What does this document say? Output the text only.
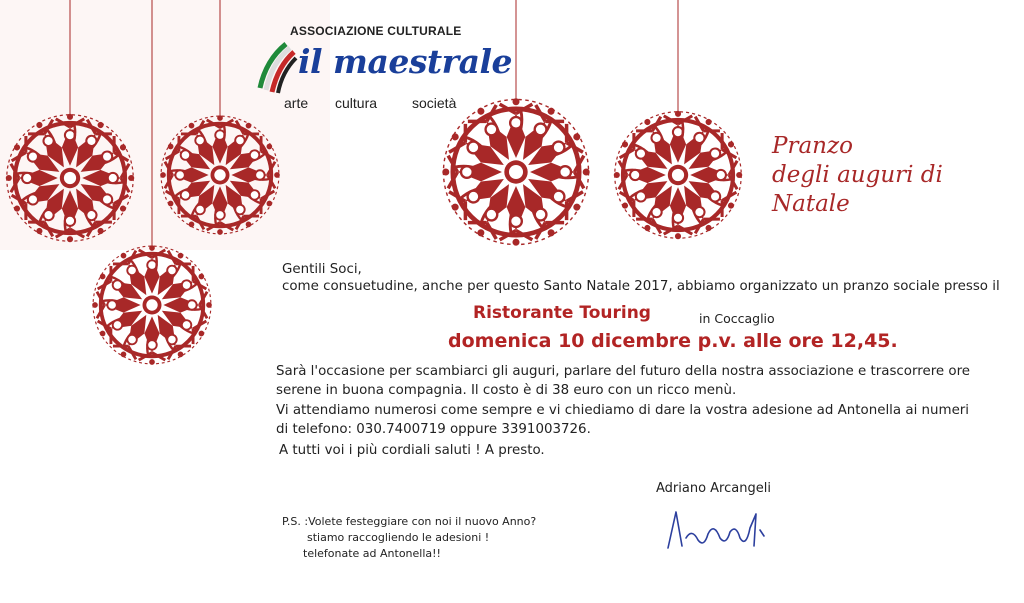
ASSOCIAZIONE CULTURALE
il maestrale
arte cultura società
Pranzo
degli auguri di
Natale
Gentili Soci,
come consuetudine, anche per questo Santo Natale 2017, abbiamo organizzato un pranzo sociale presso il
Ristorante Touring	in Coccaglio
domenica 10 dicembre p.v. alle ore 12,45.
Sarà l'occasione per scambiarci gli auguri, parlare del futuro della nostra associazione e trascorrere ore
serene in buona compagnia. Il costo è di 38 euro con un ricco menù.
Vi attendiamo numerosi come sempre e vi chiediamo di dare la vostra adesione ad Antonella ai numeri
di telefono: 030.7400719 oppure 3391003726.
A tutti voi i più cordiali saluti ! A presto.
Adriano Arcangeli
P.S. :Volete festeggiare con noi il nuovo Anno?
stiamo raccogliendo le adesioni !
telefonate ad Antonella!!
